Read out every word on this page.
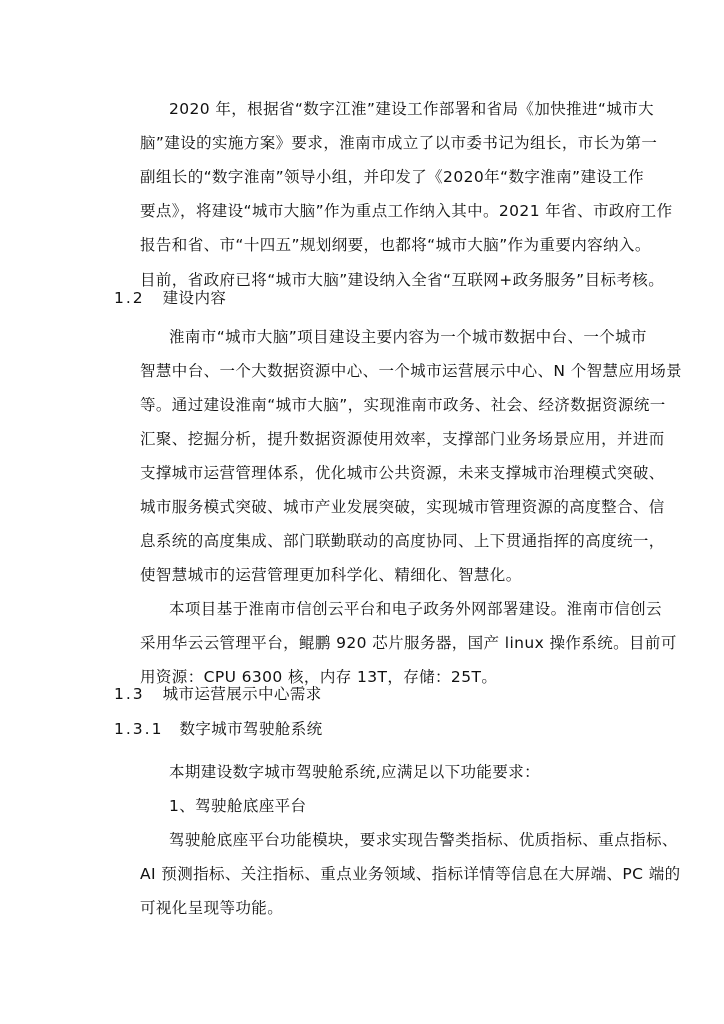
2020 年，根据省“数字江淮”建设工作部署和省局《加快推进“城市大
脑”建设的实施方案》要求，淮南市成立了以市委书记为组长，市长为第一
副组长的“数字淮南”领导小组，并印发了《2020年“数字淮南”建设工作
要点》，将建设“城市大脑”作为重点工作纳入其中。2021 年省、市政府工作
报告和省、市“十四五”规划纲要，也都将“城市大脑”作为重要内容纳入。
目前，省政府已将“城市大脑”建设纳入全省“互联网+政务服务”目标考核。
1.2 建设内容
淮南市“城市大脑”项目建设主要内容为一个城市数据中台、一个城市
智慧中台、一个大数据资源中心、一个城市运营展示中心、N 个智慧应用场景
等。通过建设淮南“城市大脑”，实现淮南市政务、社会、经济数据资源统一
汇聚、挖掘分析，提升数据资源使用效率，支撑部门业务场景应用，并进而
支撑城市运营管理体系，优化城市公共资源，未来支撑城市治理模式突破、
城市服务模式突破、城市产业发展突破，实现城市管理资源的高度整合、信
息系统的高度集成、部门联勤联动的高度协同、上下贯通指挥的高度统一，
使智慧城市的运营管理更加科学化、精细化、智慧化。
本项目基于淮南市信创云平台和电子政务外网部署建设。淮南市信创云
采用华云云管理平台，鲲鹏 920 芯片服务器，国产 linux 操作系统。目前可
用资源：CPU 6300 核，内存 13T，存储：25T。
1.3 城市运营展示中心需求
1.3.1 数字城市驾驶舱系统
本期建设数字城市驾驶舱系统,应满足以下功能要求：
1、驾驶舱底座平台
驾驶舱底座平台功能模块，要求实现告警类指标、优质指标、重点指标、
AI 预测指标、关注指标、重点业务领域、指标详情等信息在大屏端、PC 端的
可视化呈现等功能。
